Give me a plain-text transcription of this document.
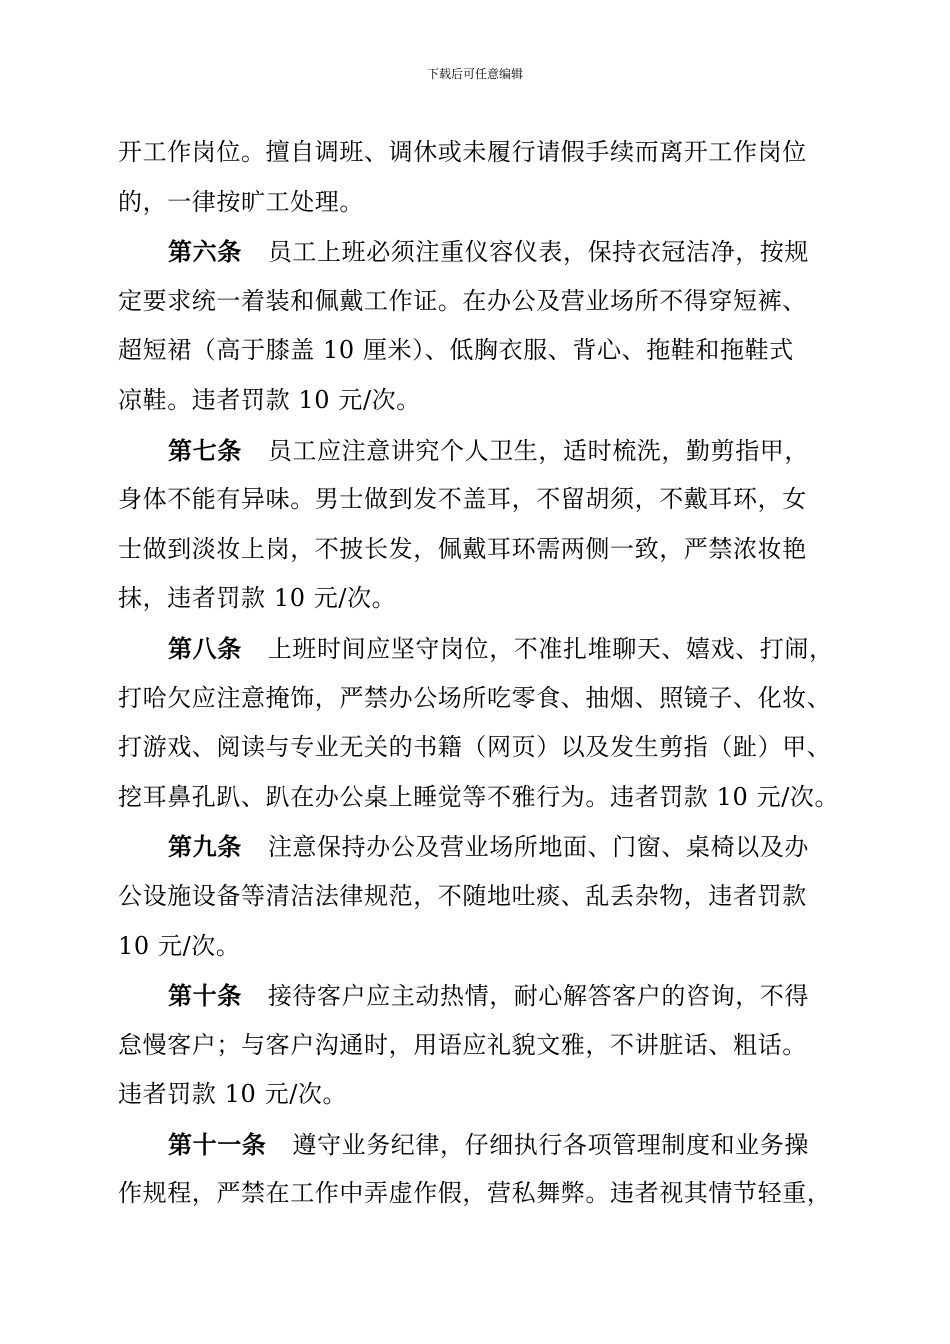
下载后可任意编辑
开工作岗位。擅自调班、调休或未履行请假手续而离开工作岗位
的，一律按旷工处理。
第六条 员工上班必须注重仪容仪表，保持衣冠洁净，按规
定要求统一着装和佩戴工作证。在办公及营业场所不得穿短裤、
超短裙（高于膝盖 10 厘米）、低胸衣服、背心、拖鞋和拖鞋式
凉鞋。违者罚款 10 元/次。
第七条 员工应注意讲究个人卫生，适时梳洗，勤剪指甲，
身体不能有异味。男士做到发不盖耳，不留胡须，不戴耳环，女
士做到淡妆上岗，不披长发，佩戴耳环需两侧一致，严禁浓妆艳
抹，违者罚款 10 元/次。
第八条 上班时间应坚守岗位，不准扎堆聊天、嬉戏、打闹，
打哈欠应注意掩饰，严禁办公场所吃零食、抽烟、照镜子、化妆、
打游戏、阅读与专业无关的书籍（网页）以及发生剪指（趾）甲、
挖耳鼻孔趴、趴在办公桌上睡觉等不雅行为。违者罚款 10 元/次。
第九条 注意保持办公及营业场所地面、门窗、桌椅以及办
公设施设备等清洁法律规范，不随地吐痰、乱丢杂物，违者罚款
10 元/次。
第十条 接待客户应主动热情，耐心解答客户的咨询，不得
怠慢客户；与客户沟通时，用语应礼貌文雅，不讲脏话、粗话。
违者罚款 10 元/次。
第十一条 遵守业务纪律，仔细执行各项管理制度和业务操
作规程，严禁在工作中弄虚作假，营私舞弊。违者视其情节轻重，
